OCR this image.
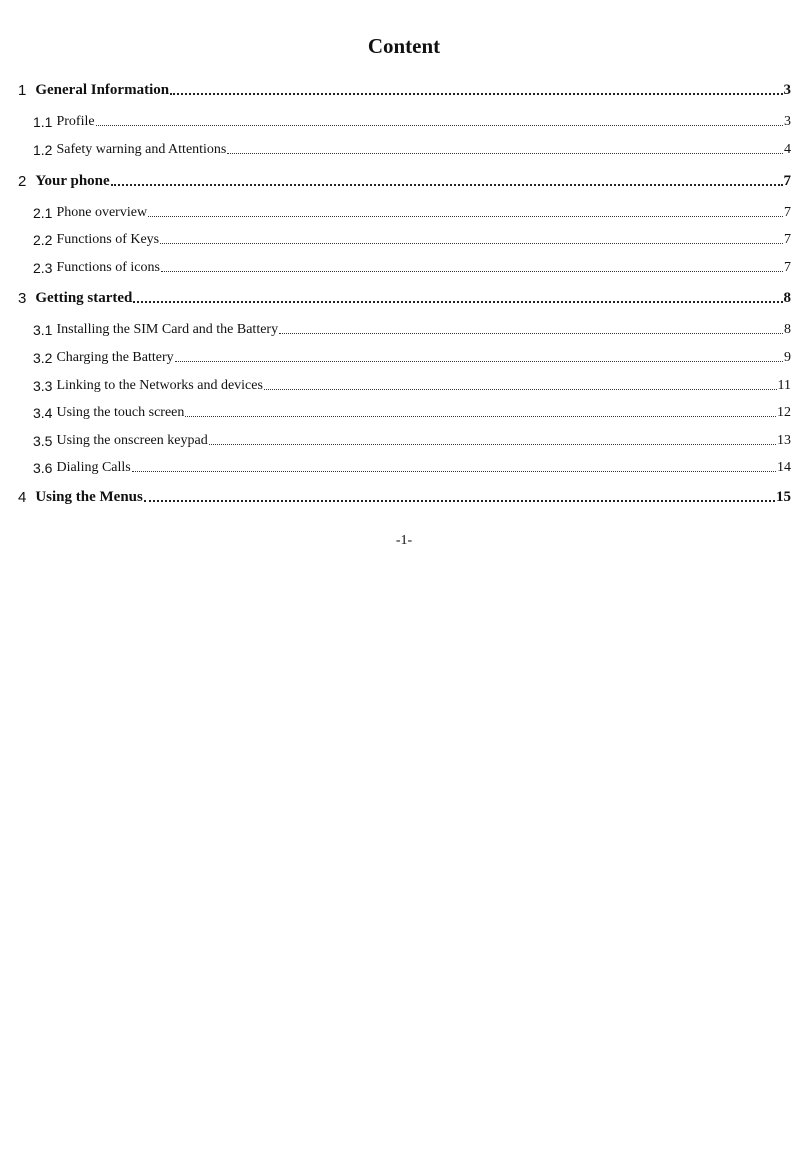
Content
1 General Information	3
1.1 Profile	3
1.2 Safety warning and Attentions	4
2 Your phone	7
2.1 Phone overview	7
2.2 Functions of Keys	7
2.3 Functions of icons	7
3 Getting started	8
3.1 Installing the SIM Card and the Battery	8
3.2 Charging the Battery	9
3.3 Linking to the Networks and devices	11
3.4 Using the touch screen	12
3.5 Using the onscreen keypad	13
3.6 Dialing Calls	14
4 Using the Menus	15
-1-
